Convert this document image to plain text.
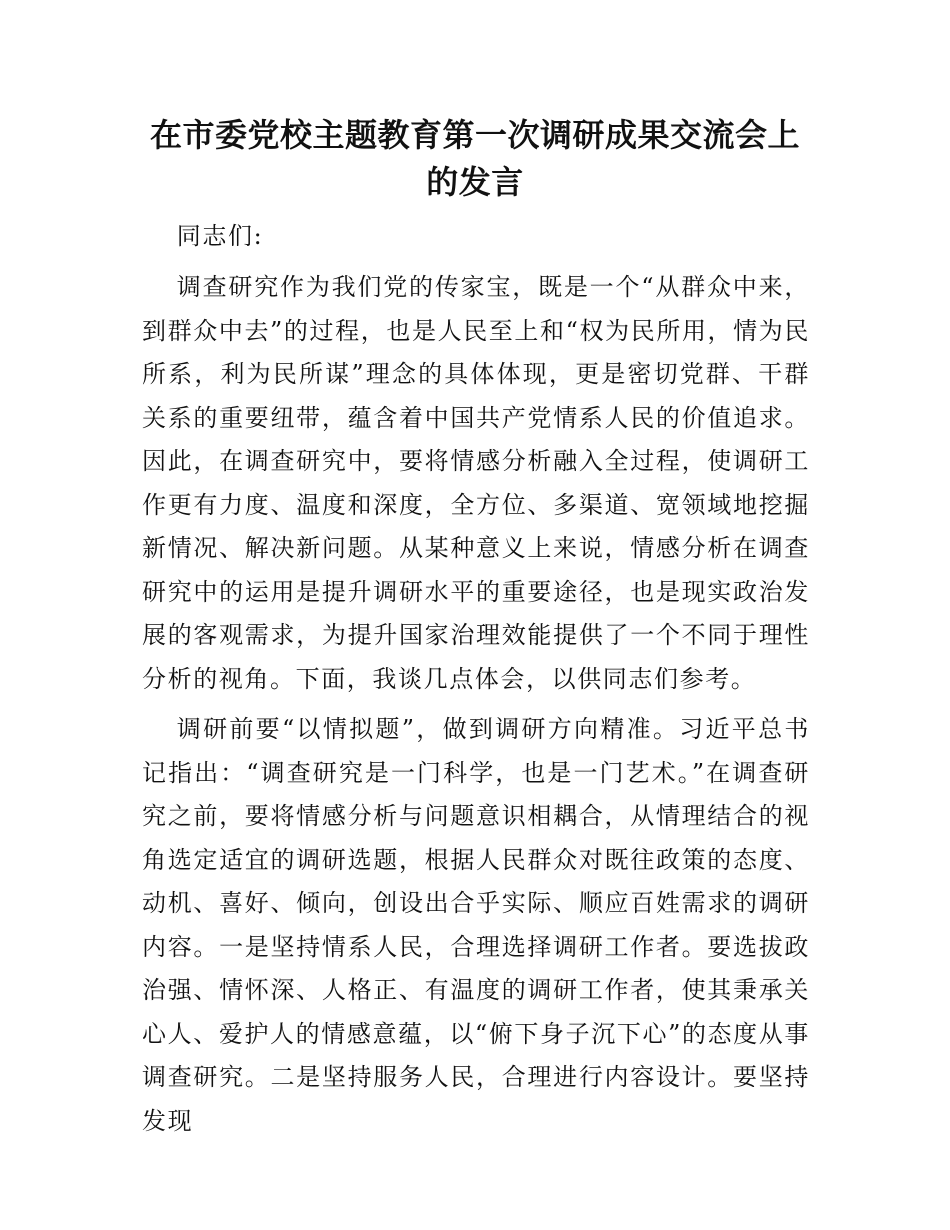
在市委党校主题教育第一次调研成果交流会上
的发言

同志们:

调查研究作为我们党的传家宝，既是一个“从群众中来，到群众中去”的过程，也是人民至上和“权为民所用，情为民所系，利为民所谋”理念的具体体现，更是密切党群、干群关系的重要纽带，蕴含着中国共产党情系人民的价值追求。因此，在调查研究中，要将情感分析融入全过程，使调研工作更有力度、温度和深度，全方位、多渠道、宽领域地挖掘新情况、解决新问题。从某种意义上来说，情感分析在调查研究中的运用是提升调研水平的重要途径，也是现实政治发展的客观需求，为提升国家治理效能提供了一个不同于理性分析的视角。下面，我谈几点体会，以供同志们参考。

调研前要“以情拟题”，做到调研方向精准。习近平总书记指出：“调查研究是一门科学，也是一门艺术。”在调查研究之前，要将情感分析与问题意识相耦合，从情理结合的视角选定适宜的调研选题，根据人民群众对既往政策的态度、动机、喜好、倾向，创设出合乎实际、顺应百姓需求的调研内容。一是坚持情系人民，合理选择调研工作者。要选拔政治强、情怀深、人格正、有温度的调研工作者，使其秉承关心人、爱护人的情感意蕴，以“俯下身子沉下心”的态度从事调查研究。二是坚持服务人民，合理进行内容设计。要坚持发现
